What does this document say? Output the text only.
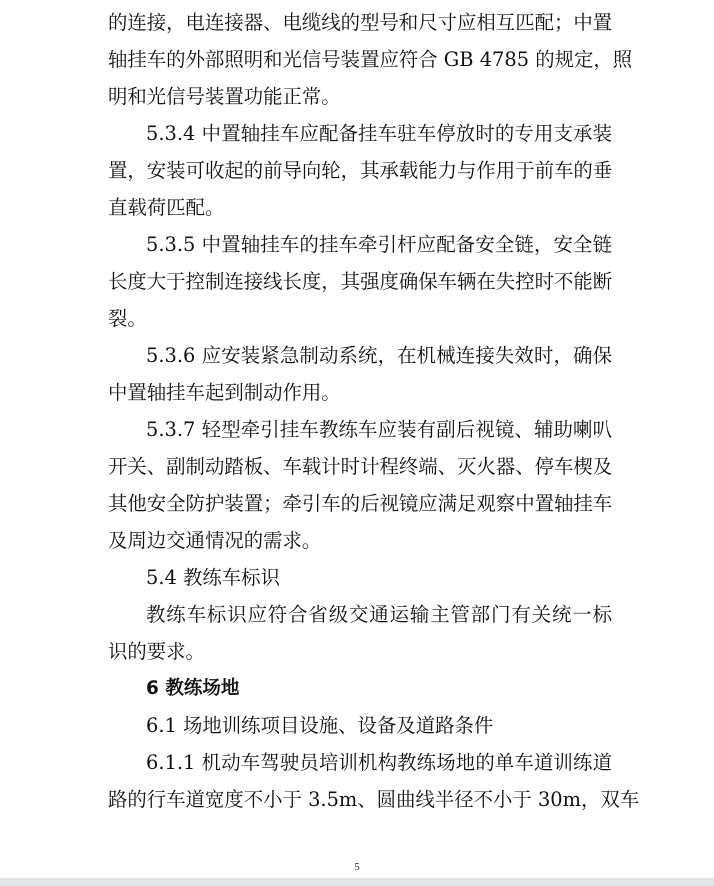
的连接，电连接器、电缆线的型号和尺寸应相互匹配；中置
轴挂车的外部照明和光信号装置应符合 GB 4785 的规定，照
明和光信号装置功能正常。
5.3.4 中置轴挂车应配备挂车驻车停放时的专用支承装
置，安装可收起的前导向轮，其承载能力与作用于前车的垂
直载荷匹配。
5.3.5 中置轴挂车的挂车牵引杆应配备安全链，安全链
长度大于控制连接线长度，其强度确保车辆在失控时不能断
裂。
5.3.6 应安装紧急制动系统，在机械连接失效时，确保
中置轴挂车起到制动作用。
5.3.7 轻型牵引挂车教练车应装有副后视镜、辅助喇叭
开关、副制动踏板、车载计时计程终端、灭火器、停车楔及
其他安全防护装置；牵引车的后视镜应满足观察中置轴挂车
及周边交通情况的需求。
5.4 教练车标识
教练车标识应符合省级交通运输主管部门有关统一标
识的要求。
6 教练场地
6.1 场地训练项目设施、设备及道路条件
6.1.1 机动车驾驶员培训机构教练场地的单车道训练道
路的行车道宽度不小于 3.5m、圆曲线半径不小于 30m，双车
5
